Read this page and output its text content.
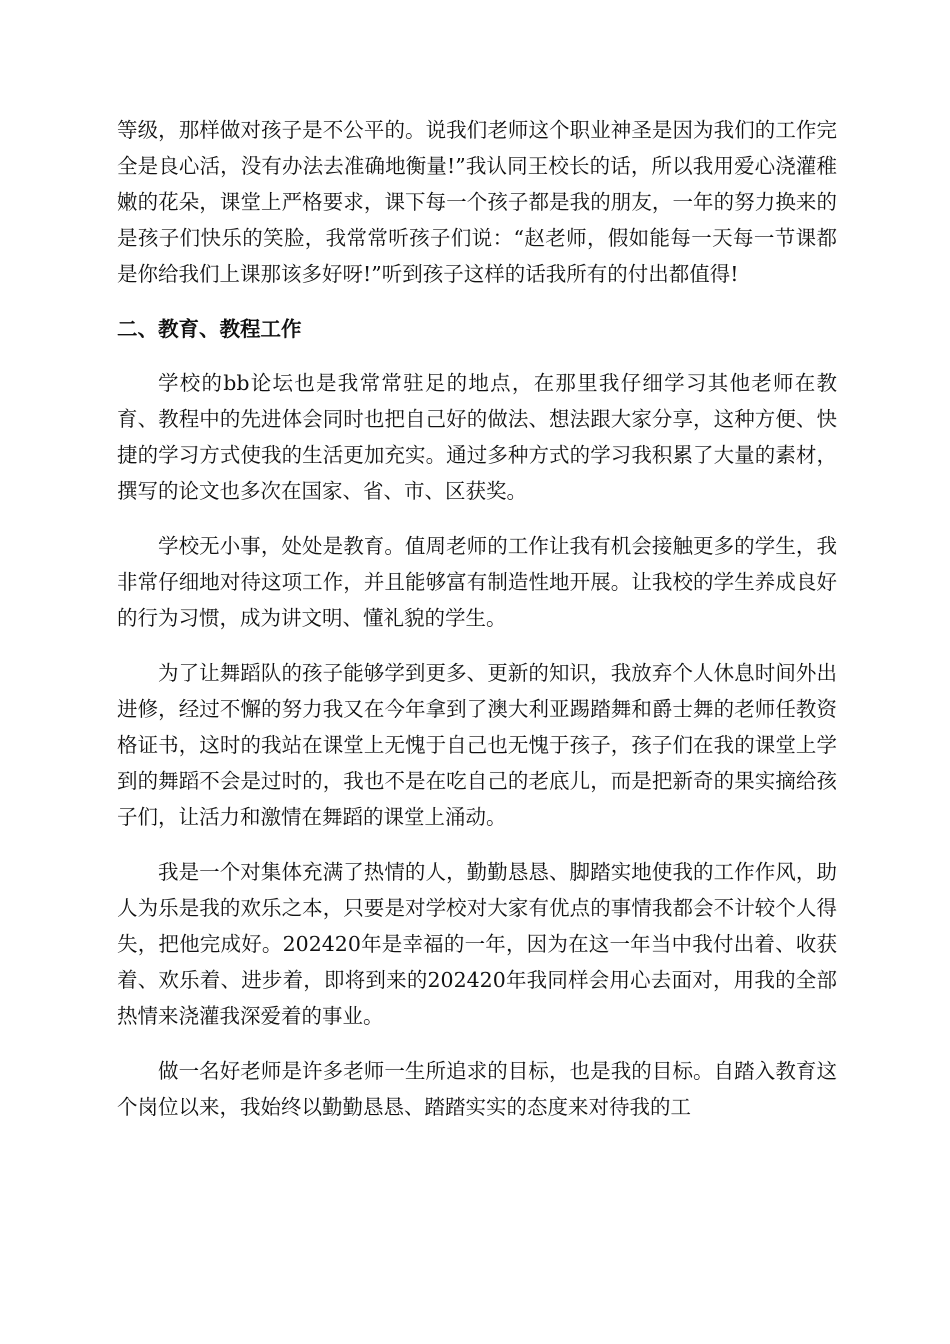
等级，那样做对孩子是不公平的。说我们老师这个职业神圣是因为我们的工作完全是良心活，没有办法去准确地衡量!”我认同王校长的话，所以我用爱心浇灌稚嫩的花朵，课堂上严格要求，课下每一个孩子都是我的朋友，一年的努力换来的是孩子们快乐的笑脸，我常常听孩子们说：“赵老师，假如能每一天每一节课都是你给我们上课那该多好呀!”听到孩子这样的话我所有的付出都值得!

二、教育、教程工作

学校的bb论坛也是我常常驻足的地点，在那里我仔细学习其他老师在教育、教程中的先进体会同时也把自己好的做法、想法跟大家分享，这种方便、快捷的学习方式使我的生活更加充实。通过多种方式的学习我积累了大量的素材，撰写的论文也多次在国家、省、市、区获奖。

学校无小事，处处是教育。值周老师的工作让我有机会接触更多的学生，我非常仔细地对待这项工作，并且能够富有制造性地开展。让我校的学生养成良好的行为习惯，成为讲文明、懂礼貌的学生。

为了让舞蹈队的孩子能够学到更多、更新的知识，我放弃个人休息时间外出进修，经过不懈的努力我又在今年拿到了澳大利亚踢踏舞和爵士舞的老师任教资格证书，这时的我站在课堂上无愧于自己也无愧于孩子，孩子们在我的课堂上学到的舞蹈不会是过时的，我也不是在吃自己的老底儿，而是把新奇的果实摘给孩子们，让活力和激情在舞蹈的课堂上涌动。

我是一个对集体充满了热情的人，勤勤恳恳、脚踏实地使我的工作作风，助人为乐是我的欢乐之本，只要是对学校对大家有优点的事情我都会不计较个人得失，把他完成好。202420年是幸福的一年，因为在这一年当中我付出着、收获着、欢乐着、进步着，即将到来的202420年我同样会用心去面对，用我的全部热情来浇灌我深爱着的事业。

做一名好老师是许多老师一生所追求的目标，也是我的目标。自踏入教育这个岗位以来，我始终以勤勤恳恳、踏踏实实的态度来对待我的工
